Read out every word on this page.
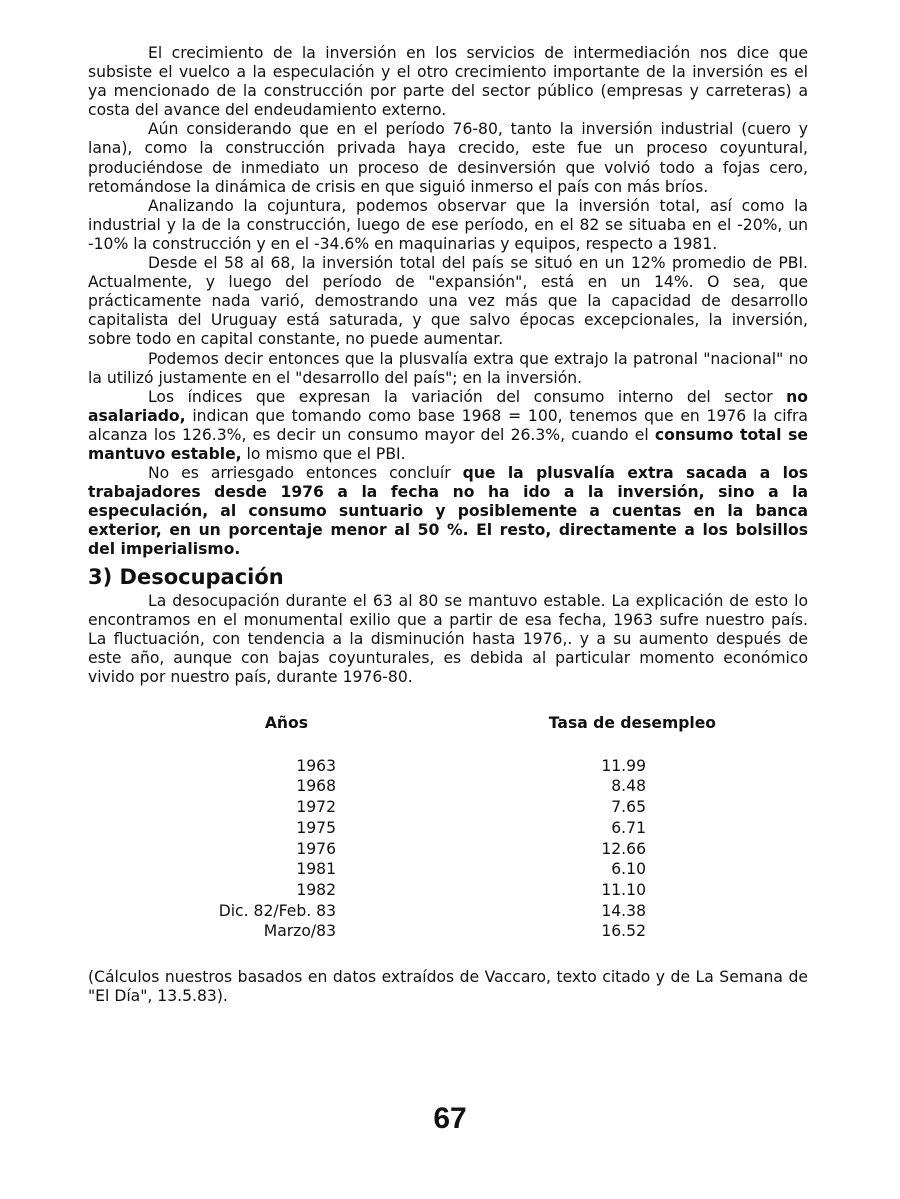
El crecimiento de la inversión en los servicios de intermediación nos dice que subsiste el vuelco a la especulación y el otro crecimiento importante de la inversión es el ya mencionado de la construcción por parte del sector público (empresas y carreteras) a costa del avance del endeudamiento externo.

Aún considerando que en el período 76-80, tanto la inversión industrial (cuero y lana), como la construcción privada haya crecido, este fue un proceso coyuntural, produciéndose de inmediato un proceso de desinversión que volvió todo a fojas cero, retomándose la dinámica de crisis en que siguió inmerso el país con más bríos.

Analizando la cojuntura, podemos observar que la inversión total, así como la industrial y la de la construcción, luego de ese período, en el 82 se situaba en el -20%, un -10% la construcción y en el -34.6% en maquinarias y equipos, respecto a 1981.

Desde el 58 al 68, la inversión total del país se situó en un 12% promedio de PBI. Actualmente, y luego del período de "expansión", está en un 14%. O sea, que prácticamente nada varió, demostrando una vez más que la capacidad de desarrollo capitalista del Uruguay está saturada, y que salvo épocas excepcionales, la inversión, sobre todo en capital constante, no puede aumentar.

Podemos decir entonces que la plusvalía extra que extrajo la patronal "nacional" no la utilizó justamente en el "desarrollo del país"; en la inversión.

Los índices que expresan la variación del consumo interno del sector no asalariado, indican que tomando como base 1968 = 100, tenemos que en 1976 la cifra alcanza los 126.3%, es decir un consumo mayor del 26.3%, cuando el consumo total se mantuvo estable, lo mismo que el PBI.

No es arriesgado entonces concluír que la plusvalía extra sacada a los trabajadores desde 1976 a la fecha no ha ido a la inversión, sino a la especulación, al consumo suntuario y posiblemente a cuentas en la banca exterior, en un porcentaje menor al 50 %. El resto, directamente a los bolsillos del imperialismo.

3) Desocupación

La desocupación durante el 63 al 80 se mantuvo estable. La explicación de esto lo encontramos en el monumental exilio que a partir de esa fecha, 1963 sufre nuestro país. La fluctuación, con tendencia a la disminución hasta 1976,. y a su aumento después de este año, aunque con bajas coyunturales, es debida al particular momento económico vivido por nuestro país, durante 1976-80.

Años	Tasa de desempleo
1963	11.99
1968	8.48
1972	7.65
1975	6.71
1976	12.66
1981	6.10
1982	11.10
Dic. 82/Feb. 83	14.38
Marzo/83	16.52

(Cálculos nuestros basados en datos extraídos de Vaccaro, texto citado y de La Semana de "El Día", 13.5.83).

67
